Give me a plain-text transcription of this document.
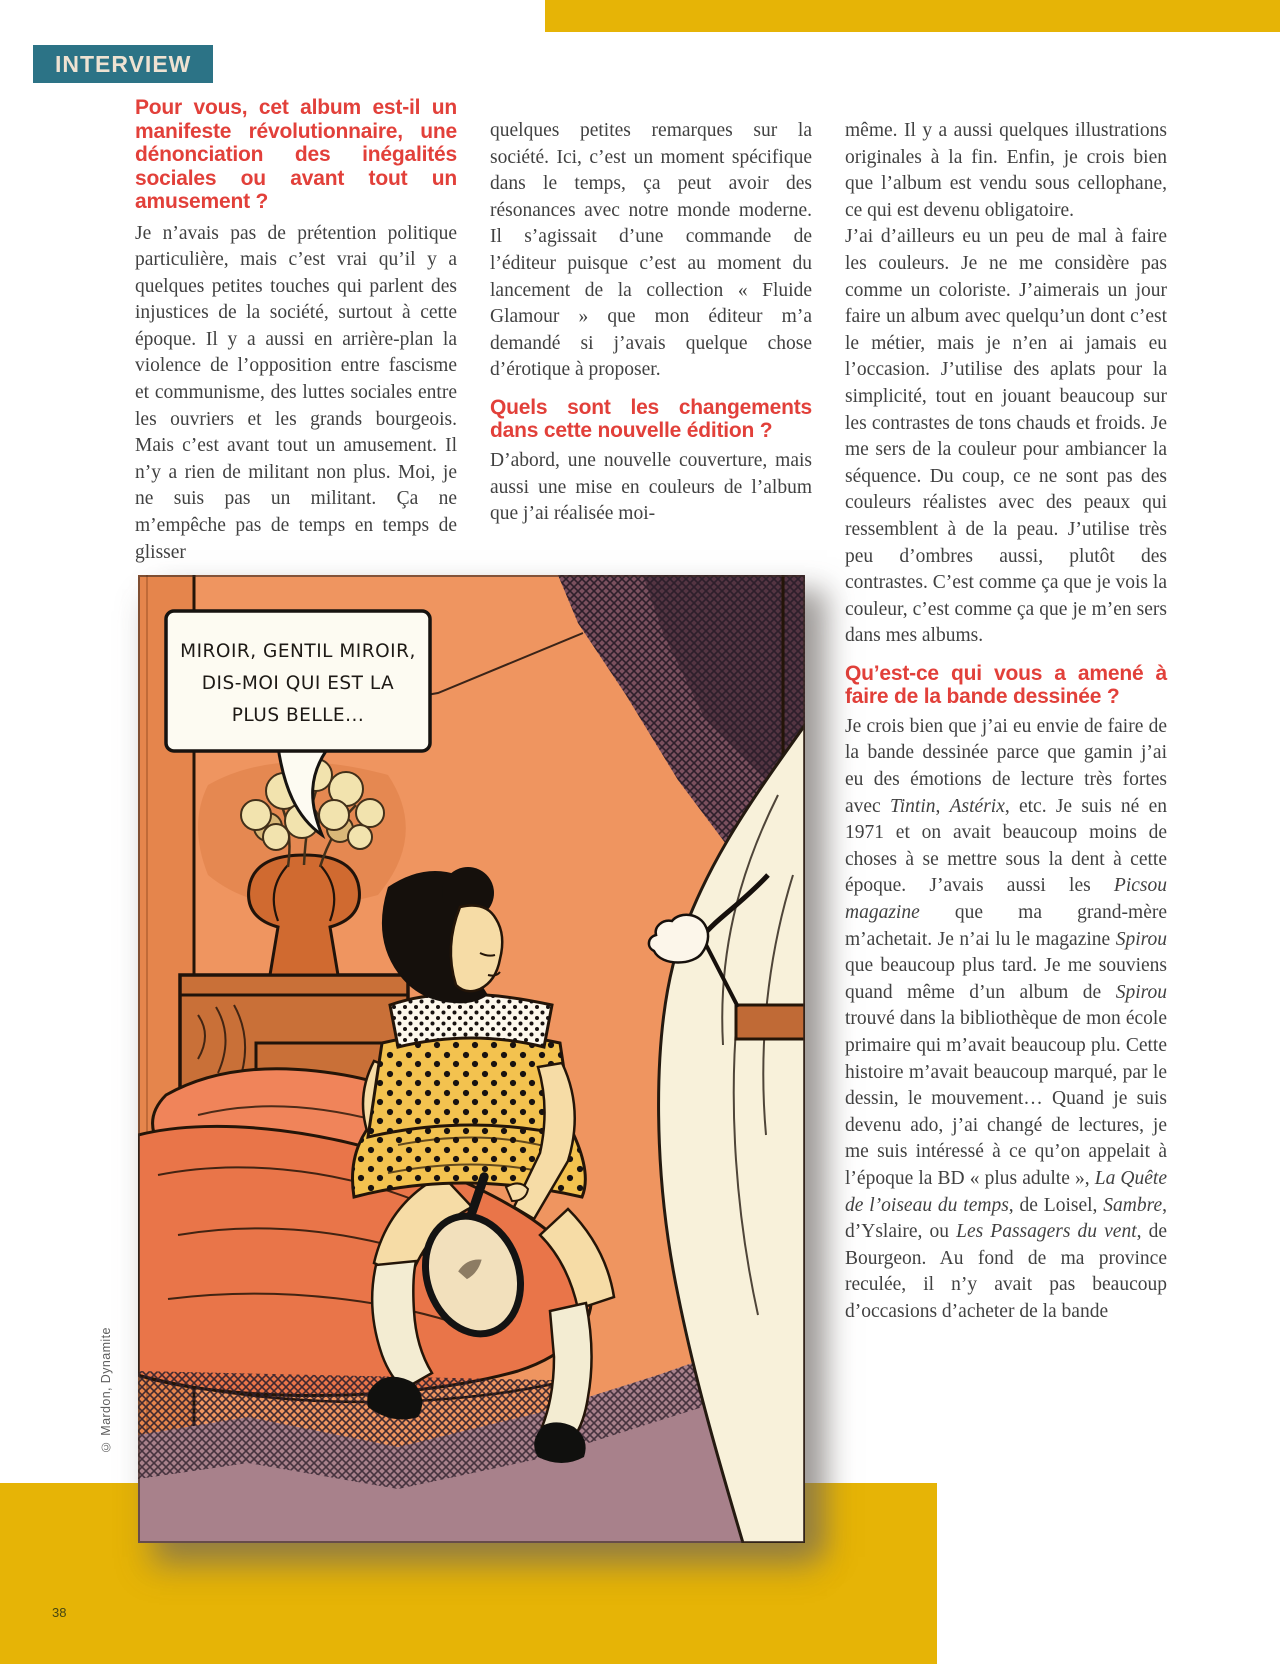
INTERVIEW
Pour vous, cet album est-il un manifeste révolutionnaire, une dénonciation des inégalités sociales ou avant tout un amusement ?

Je n’avais pas de prétention politique particulière, mais c’est vrai qu’il y a quelques petites touches qui parlent des injustices de la société, surtout à cette époque. Il y a aussi en arrière-plan la violence de l’opposition entre fascisme et communisme, des luttes sociales entre les ouvriers et les grands bourgeois. Mais c’est avant tout un amusement. Il n’y a rien de militant non plus. Moi, je ne suis pas un militant. Ça ne m’empêche pas de temps en temps de glisser

quelques petites remarques sur la société. Ici, c’est un moment spécifique dans le temps, ça peut avoir des résonances avec notre monde moderne. Il s’agissait d’une commande de l’éditeur puisque c’est au moment du lancement de la collection « Fluide Glamour » que mon éditeur m’a demandé si j’avais quelque chose d’érotique à proposer.

Quels sont les changements dans cette nouvelle édition ?

D’abord, une nouvelle couverture, mais aussi une mise en couleurs de l’album que j’ai réalisée moi-

même. Il y a aussi quelques illustrations originales à la fin. Enfin, je crois bien que l’album est vendu sous cellophane, ce qui est devenu obligatoire.

J’ai d’ailleurs eu un peu de mal à faire les couleurs. Je ne me considère pas comme un coloriste. J’aimerais un jour faire un album avec quelqu’un dont c’est le métier, mais je n’en ai jamais eu l’occasion. J’utilise des aplats pour la simplicité, tout en jouant beaucoup sur les contrastes de tons chauds et froids. Je me sers de la couleur pour ambiancer la séquence. Du coup, ce ne sont pas des couleurs réalistes avec des peaux qui ressemblent à de la peau. J’utilise très peu d’ombres aussi, plutôt des contrastes. C’est comme ça que je vois la couleur, c’est comme ça que je m’en sers dans mes albums.

Qu’est-ce qui vous a amené à faire de la bande dessinée ?

Je crois bien que j’ai eu envie de faire de la bande dessinée parce que gamin j’ai eu des émotions de lecture très fortes avec Tintin, Astérix, etc. Je suis né en 1971 et on avait beaucoup moins de choses à se mettre sous la dent à cette époque. J’avais aussi les Picsou magazine que ma grand-mère m’achetait. Je n’ai lu le magazine Spirou que beaucoup plus tard. Je me souviens quand même d’un album de Spirou trouvé dans la bibliothèque de mon école primaire qui m’avait beaucoup plu. Cette histoire m’avait beaucoup marqué, par le dessin, le mouvement… Quand je suis devenu ado, j’ai changé de lectures, je me suis intéressé à ce qu’on appelait à l’époque la BD « plus adulte », La Quête de l’oiseau du temps, de Loisel, Sambre, d’Yslaire, ou Les Passagers du vent, de Bourgeon. Au fond de ma province reculée, il n’y avait pas beaucoup d’occasions d’acheter de la bande

MIROIR, GENTIL MIROIR,
DIS-MOI QUI EST LA
PLUS BELLE...
© Mardon, Dynamite
38
